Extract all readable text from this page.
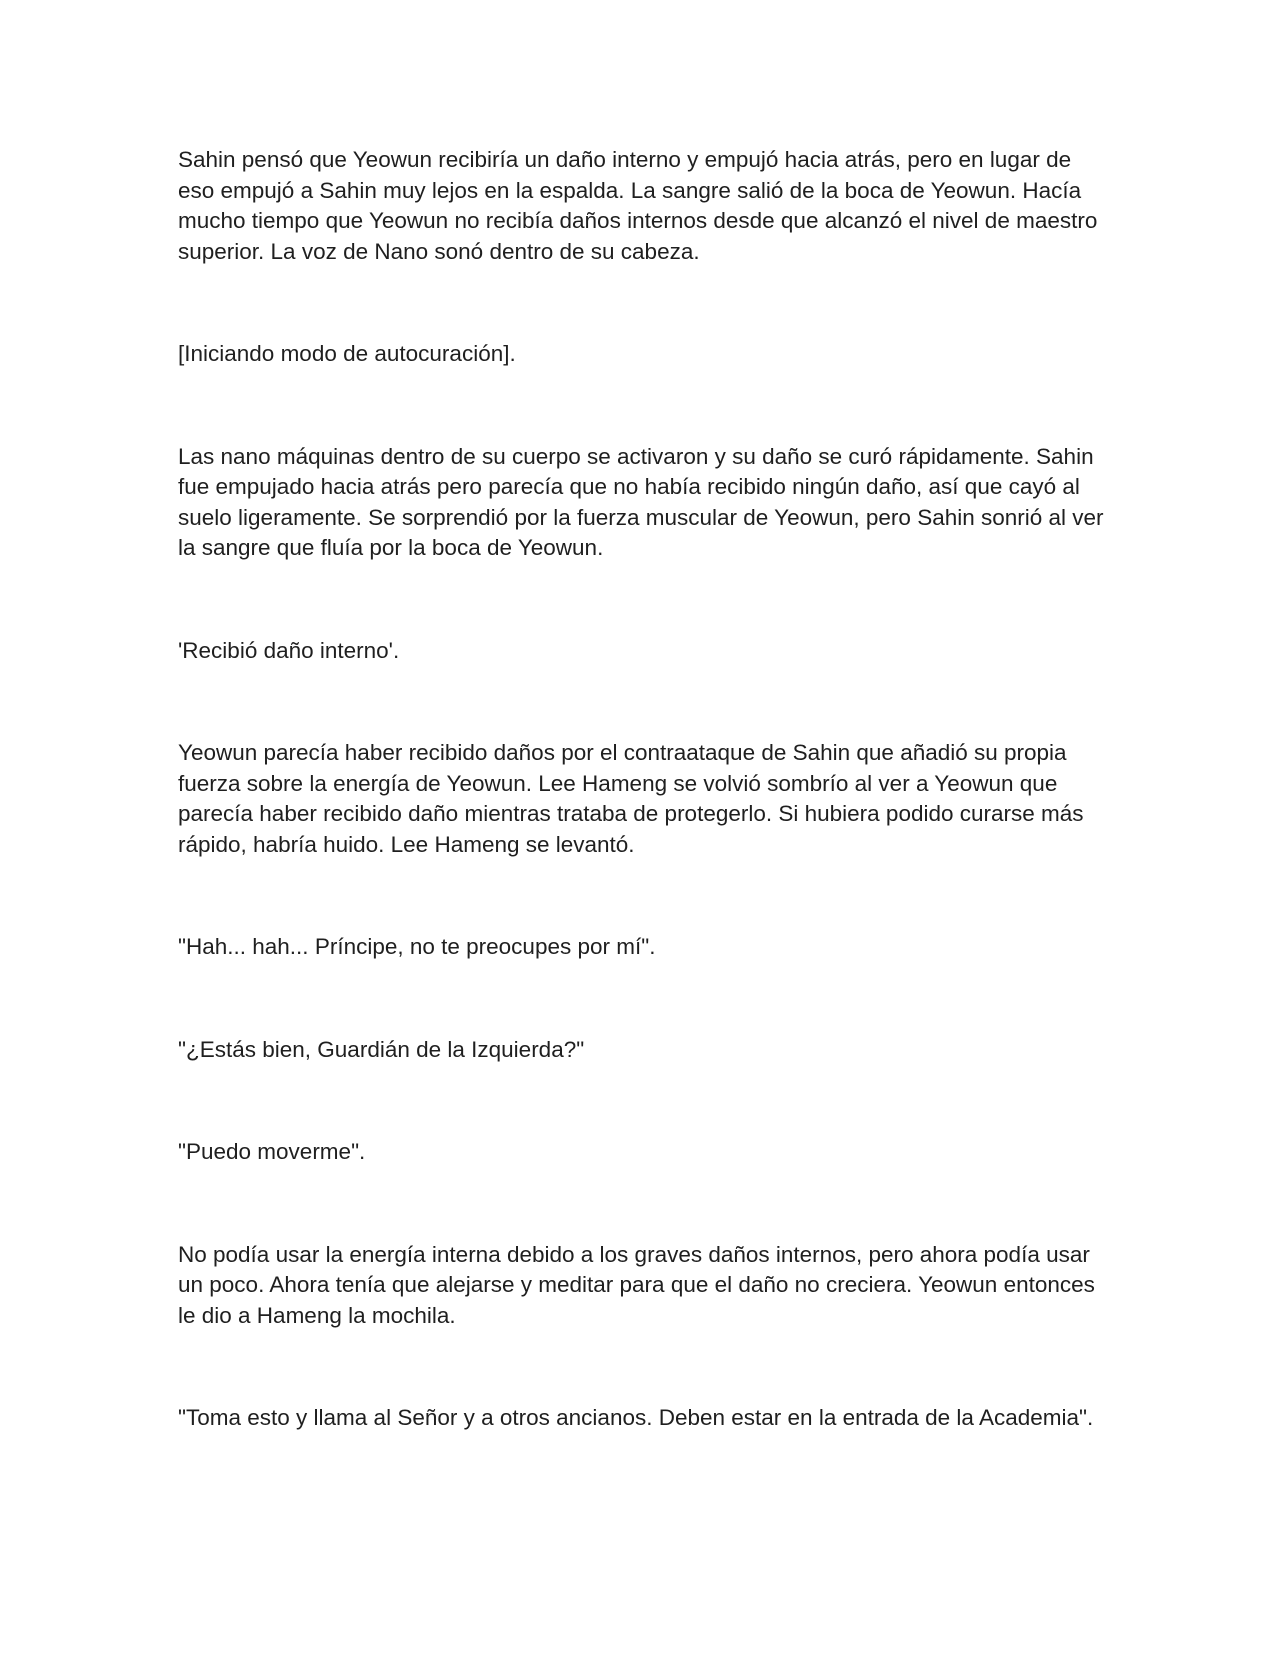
Sahin pensó que Yeowun recibiría un daño interno y empujó hacia atrás, pero en lugar de eso empujó a Sahin muy lejos en la espalda. La sangre salió de la boca de Yeowun. Hacía mucho tiempo que Yeowun no recibía daños internos desde que alcanzó el nivel de maestro superior. La voz de Nano sonó dentro de su cabeza.

[Iniciando modo de autocuración].

Las nano máquinas dentro de su cuerpo se activaron y su daño se curó rápidamente. Sahin fue empujado hacia atrás pero parecía que no había recibido ningún daño, así que cayó al suelo ligeramente. Se sorprendió por la fuerza muscular de Yeowun, pero Sahin sonrió al ver la sangre que fluía por la boca de Yeowun.

'Recibió daño interno'.

Yeowun parecía haber recibido daños por el contraataque de Sahin que añadió su propia fuerza sobre la energía de Yeowun. Lee Hameng se volvió sombrío al ver a Yeowun que parecía haber recibido daño mientras trataba de protegerlo. Si hubiera podido curarse más rápido, habría huido. Lee Hameng se levantó.

"Hah... hah... Príncipe, no te preocupes por mí".

"¿Estás bien, Guardián de la Izquierda?"

"Puedo moverme".

No podía usar la energía interna debido a los graves daños internos, pero ahora podía usar un poco. Ahora tenía que alejarse y meditar para que el daño no creciera. Yeowun entonces le dio a Hameng la mochila.

"Toma esto y llama al Señor y a otros ancianos. Deben estar en la entrada de la Academia".
